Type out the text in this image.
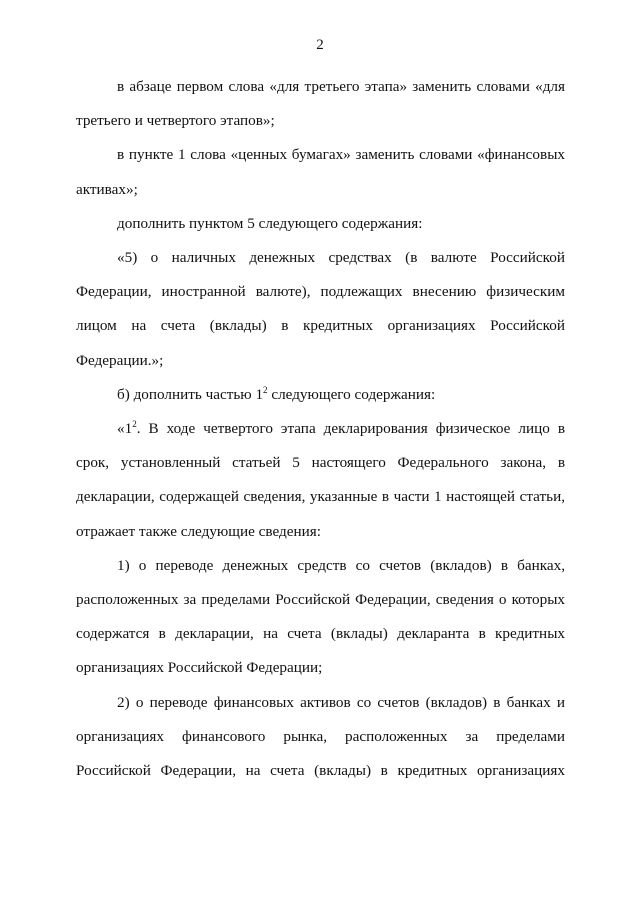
2

в абзаце первом слова «для третьего этапа» заменить словами «для третьего и четвертого этапов»;

в пункте 1 слова «ценных бумагах» заменить словами «финансовых активах»;

дополнить пунктом 5 следующего содержания:

«5) о наличных денежных средствах (в валюте Российской Федерации, иностранной валюте), подлежащих внесению физическим лицом на счета (вклады) в кредитных организациях Российской Федерации.»;

б) дополнить частью $1^2$ следующего содержания:

«$1^2$. В ходе четвертого этапа декларирования физическое лицо в срок, установленный статьей 5 настоящего Федерального закона, в декларации, содержащей сведения, указанные в части 1 настоящей статьи, отражает также следующие сведения:

1) о переводе денежных средств со счетов (вкладов) в банках, расположенных за пределами Российской Федерации, сведения о которых содержатся в декларации, на счета (вклады) декларанта в кредитных организациях Российской Федерации;

2) о переводе финансовых активов со счетов (вкладов) в банках и организациях финансового рынка, расположенных за пределами Российской Федерации, на счета (вклады) в кредитных организациях
